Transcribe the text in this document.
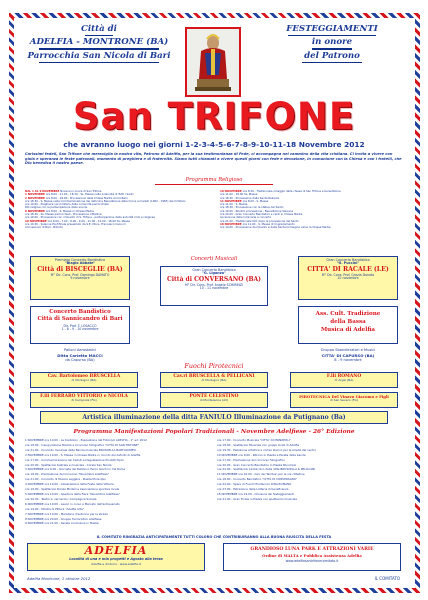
Città di
ADELFIA - MONTRONE (BA)
Parrocchia San Nicola di Bari
FESTEGGIAMENTI
in onore
del Patrono
San TRIFONE
che avranno luogo nei giorni 1-2-3-4-5-6-7-8-9-10-11-18 Novembre 2012
Carissimi fedeli, San Trifone che meraviglia la nostra vita, Patrono di Adelfia, per la sua testimonianza di Fede, ci accompagna nel cammino della vita cristiana. Ci invita a vivere con gioia e speranza le feste patronali, momento di preghiera e di fraternità. Siamo tutti chiamati a vivere questi giorni con fede e devozione, in comunione con la Chiesa e con i fratelli, che Dio benedica il nostro paese.
Programma Religioso
DAL 1 AL 9 NOVEMBRE Novena in onore di San Trifone
1 NOVEMBRE ore 8.00 - 11.00 - 18.30 - Ss. Messe nella solennità di Tutti i Santi
2 NOVEMBRE ore 8.00 - 18.00 - Processione dalla Chiesa Madre al Cimitero
ore 18.30 - S. Messa nella Commemorazione dei defunti e Benedizione della Croce ai Caduti (1962 - 1983) del Cimitero
ore 19.00 - Preghiera nel Cimitero dalla comunità parrocchiale
Riti religiosi con la partecipazione delle scuole
6 NOVEMBRE ore 8.00 - S. Messa in Chiesa Madre
ore 18.30 - Ss. Messe parrocchiali - Processione cittadina
ore 19.00 - Processione con il Quadro di S. Trifone - partecipazione delle autorità civili e religiose
10 NOVEMBRE ore 6.00 - 7.00 - 8.00 - 9.00 - 11.00 - 12.00 - 18.00 Ss. Messe
ore 10.30 - Solenne Pontificale presieduto da S.E. Mons. Francesco Cacucci
Arcivescovo di Bari - Bitonto
10 NOVEMBRE ore 8.30 - Tradizionale omaggio dalla chiesa di San Trifone e benedizione
ore 11.00 - 18.00 Ss. Messe
ore 18.30 - Processione dalla Santa Reliquia
11 NOVEMBRE ore 8.00 - S. Messa
ore 11.00 - S. Messa
ore 18.30 - Processione con la statua del Santo
ore 19.00 - Rientro processione - Benedizione Solenne
ore 20.00 - Gran Concerto Bandistico e canti in Chiesa Madre
Accensione delle luminarie e concerto
ore 21.00 - Tradizionale falò dopo la processione del Santo
18 NOVEMBRE ore 11.00 - S. Messa di ringraziamento
ore 19.00 - Processione del Quadro e della Santa Immagine verso la Chiesa Madre
Premiato Concerto Bandistico
"Biagio Abbate"
Città di BISCEGLIE (BA)
M° Dir. Cons. Prof. Domingo DAMATO
9 novembre
Concerti Musicali
Gran Concerto Bandistico
"G. Ligonzo"
Città di CONVERSANO (BA)
M° Dir. Cons. Prof. Angelo SCHIRINZI
10 - 11 novembre
Gran Concerto Bandistico
"G. Puccini"
CITTA' DI RACALE (LE)
M° Dir. Cons. Prof. Grazia Donato
10 novembre
Concerto Bandistico
Città di Sannicandro di Bari
Dir. Prof. F. LOSACCO
1 - 8 - 9 - 10 novembre
Ass. Cult. Tradizione
della Bassa
Musica di Adelfia
Palloni Aerostatici
Ditta Carletto MACCI
da Capurso (BA)
Gruppo Sbandieratori e Musici
CITTA' DI CAPURSO (BA)
8 - 9 novembre
Fuochi Pirotecnici
Cav. Bartolomeo BRUSCELLA
di Modugno (BA)
Cav.ri BRUSCELLA & PELLICANI
di Modugno (BA)
F.lli ROMANO
di Argel (BA)
F.lli FERRARO VITTORIO e NICOLA
di Cerignola (FG)
PONTE CELESTINO
di Monteleone (AV)
PIROTECNICA Del Vinavo Giacomo e Figli
di San Severo (FG)
Artistica illuminazione della ditta FANIULO Illuminazione da Putignano (Ba)
Programma Manifestazioni Popolari Tradizionali - Novembre Adelfiese - 26° Edizione
1 NOVEMBRE ore 10.00 - Le tradizioni - Esposizione del Fotoclub ADELFIA - 1° ed. 2012
ore 18.00 - Inaugurazione Mostra e Concorso fotografico "CITTÀ DI SAN TRIFONE"
ore 21.00 - Concerto musicale della Banda musicale BRUSCELLA BARTOLOMEO
2 NOVEMBRE ore 10.00 - S. Messa in Chiesa Madre in ricordo dei defunti di Adelfia
ore 17.00 - Commemorazione dei Caduti e Degustazione Prodotti tipici
ore 20.00 - Spettacolo teatrale e musicale - Corale San Nicola
3 NOVEMBRE ore 9.00 - Giornata dei Bambini: Parco Giochi in Via Roma
ore 18.00 - Premiazione del Concorso "Novembre Adelfiese"
ore 21.00 - Concerto di Musica Leggera - Piazza Municipio
4 NOVEMBRE ore 10.00 - Celebrazione della Festa della Vittoria
ore 19.00 - Spettacolo Danza Moderna Associazione sportiva locale
5 NOVEMBRE ore 10.00 - Apertura della Fiera "Novembre Adelfiese"
ore 20.30 - Teatro in vernacolo: Compagnia Sociale
6 NOVEMBRE ore 10.00 - Lavori in corso e Mercato dell'antiquariato
ore 19.00 - Mostra di Pittura "Adelfia Arte"
7 NOVEMBRE ore 10.00 - Maratona d'autunno per le strade
8 NOVEMBRE ore 20.00 - Gruppo folcloristico adelfiese
9 NOVEMBRE ore 21.00 - Serata conclusiva in Piazza
ore 17.00 - Concerto Musicale "CITTA' DI MONOPOLI"
ore 18.00 - Spettacolo Musicale con gruppi locali di Adelfia
ore 19.30 - Esibizione Artistica e corteo storico per le strade del centro
10 NOVEMBRE ore 9.00 - Ritrovo in Piazza e Parata delle bande
ore 17.30 - Premiazione del concorso fotografico
ore 20.00 - Gran Concerto Bandistico in Piazza Municipio
ore 22.00 - Spettacolo pirotecnico della ditta BRUSCELLA & PELLICANI
11 NOVEMBRE ore 10.00 - Giro dei Tamburi per le vie cittadine
ore 18.00 - Concerto Bandistico "CITTÀ DI CONVERSANO"
ore 22.00 - Sparo di Fuochi Pirotecnici Ditta ROMANO
ore 23.00 - Estrazione della Lotteria di beneficenza
18 NOVEMBRE ore 19.00 - Chiusura dei festeggiamenti
ore 21.00 - Gran Finale in Piazza con spettacolo musicale
IL COMITATO RINGRAZIA ANTICIPATAMENTE TUTTI COLORO CHE CONTRIBUIRANNO ALLA BUONA RIUSCITA DELLA FESTA
ADELFIA
Località di una e mia progetti e Agosto alla terza
Adelfia e dintorni - www.adelfia.it
GRANDIOSO LUNA PARK E ATTRAZIONI VARIE
Ordine di MALTA e Pubblica Assistenza Adelfia
www.adelfiasantrifonecomitato.it
Adelfia Montrone, 1 ottobre 2012	IL COMITATO
